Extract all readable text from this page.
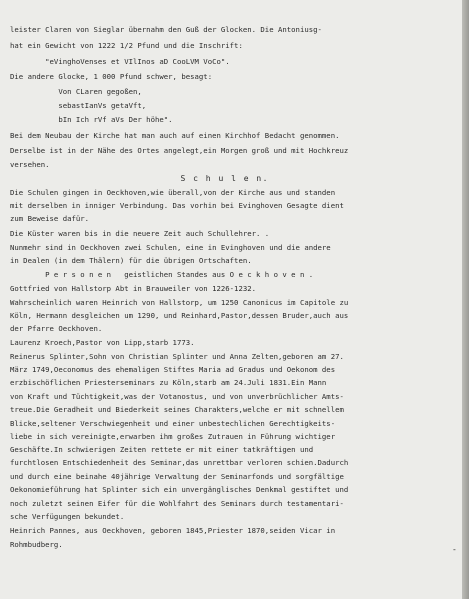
leister Claren von Sieglar übernahm den Guß der Glocken. Die Antoniusg-
hat ein Gewicht von 1222 1/2 Pfund und die Inschrift:
"eVinghoVenses et VIlInos aD CooLVM VoCo".
Die andere Glocke, 1 000 Pfund schwer, besagt:
Von CLaren gegoßen,
sebastIanVs getaVft,
bIn Ich rVf aVs Der höhe".
Bei dem Neubau der Kirche hat man auch auf einen Kirchhof Bedacht genommen.
Derselbe ist in der Nähe des Ortes angelegt,ein Morgen groß und mit Hochkreuz
versehen.
S c h u l e n.
Die Schulen gingen in Oeckhoven,wie überall,von der Kirche aus und standen
mit derselben in inniger Verbindung. Das vorhin bei Evinghoven Gesagte dient
zum Beweise dafür.
Die Küster waren bis in die neuere Zeit auch Schullehrer. .
Nunmehr sind in Oeckhoven zwei Schulen, eine in Evinghoven und die andere
in Dealen (in dem Thälern) für die übrigen Ortschaften.
P e r s o n e n   geistlichen Standes aus O e c k h o v e n .
Gottfried von Hallstorp Abt in Brauweiler von 1226-1232.
Wahrscheinlich waren Heinrich von Hallstorp, um 1250 Canonicus im Capitole zu
Köln, Hermann desgleichen um 1290, und Reinhard,Pastor,dessen Bruder,auch aus
der Pfarre Oeckhoven.
Laurenz Kroech,Pastor von Lipp,starb 1773.
Reinerus Splinter,Sohn von Christian Splinter und Anna Zelten,geboren am 27.
März 1749,Oeconomus des ehemaligen Stiftes Maria ad Gradus und Oekonom des
erzbischöflichen Priesterseminars zu Köln,starb am 24.Juli 1831.Ein Mann
von Kraft und Tüchtigkeit,was der Votanostus, und von unverbrüchlicher Amts-
treue.Die Geradheit und Biederkeit seines Charakters,welche er mit schnellem
Blicke,seltener Verschwiegenheit und einer unbestechlichen Gerechtigkeits-
liebe in sich vereinigte,erwarben ihm großes Zutrauen in Führung wichtiger
Geschäfte.In schwierigen Zeiten rettete er mit einer tatkräftigen und
furchtlosen Entschiedenheit des Seminar,das unrettbar verloren schien.Dadurch
und durch eine beinahe 40jährige Verwaltung der Seminarfonds und sorgfältige
Oekonomieführung hat Splinter sich ein unvergänglisches Denkmal gestiftet und
noch zuletzt seinen Eifer für die Wohlfahrt des Seminars durch testamentari-
sche Verfügungen bekundet.
Heinrich Pannes, aus Oeckhoven, geboren 1845,Priester 1870,seiden Vicar in
Rohmbudberg.
-
